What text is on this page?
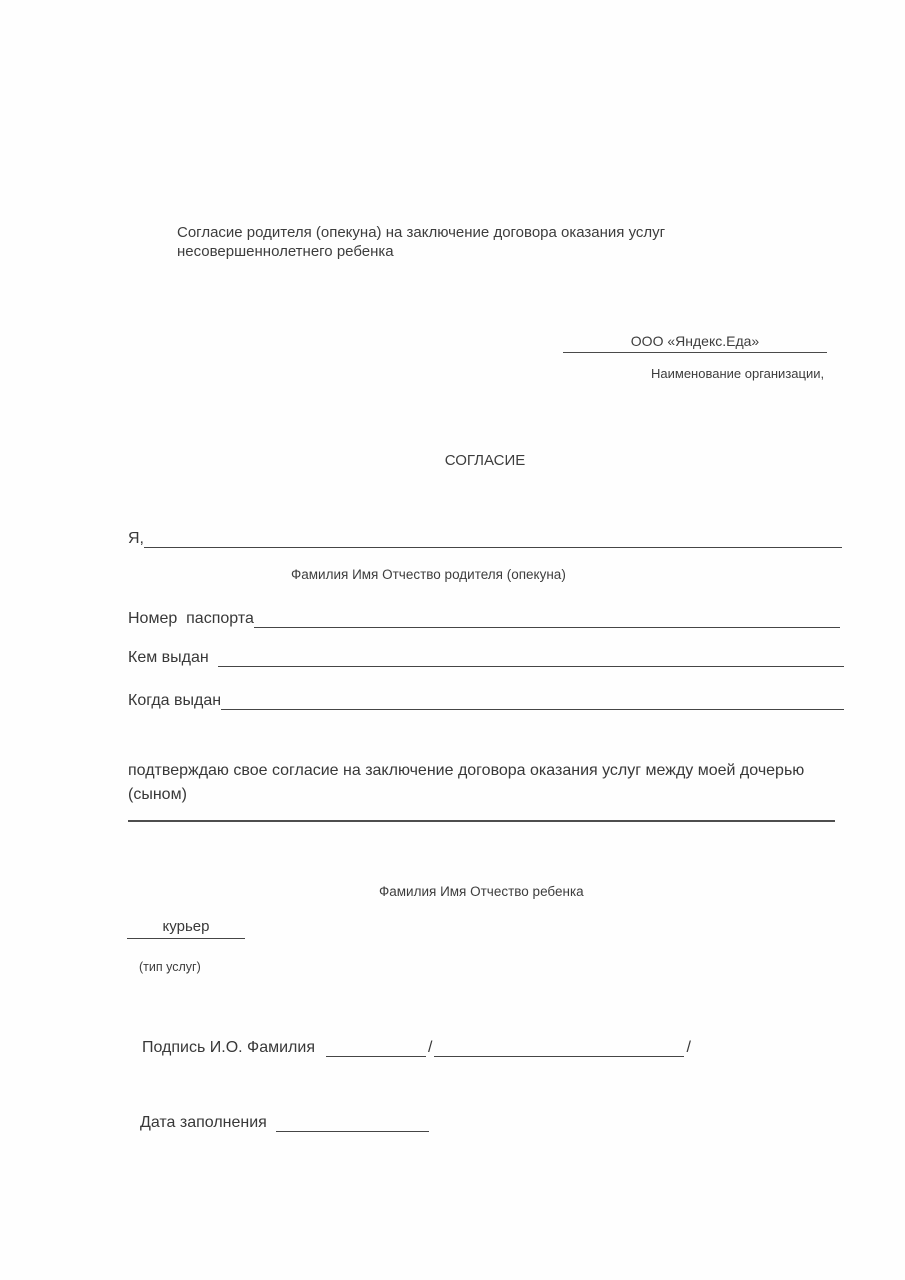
Согласие родителя (опекуна) на заключение договора оказания услуг
несовершеннолетнего ребенка
ООО «Яндекс.Еда»
Наименование организации,
СОГЛАСИЕ
Я,
Фамилия Имя Отчество родителя (опекуна)
Номер  паспорта
Кем выдан
Когда выдан
подтверждаю свое согласие на заключение договора оказания услуг между моей дочерью
(сыном)
Фамилия Имя Отчество ребенка
курьер
(тип услуг)
Подпись И.О. Фамилия	/	/
Дата заполнения
